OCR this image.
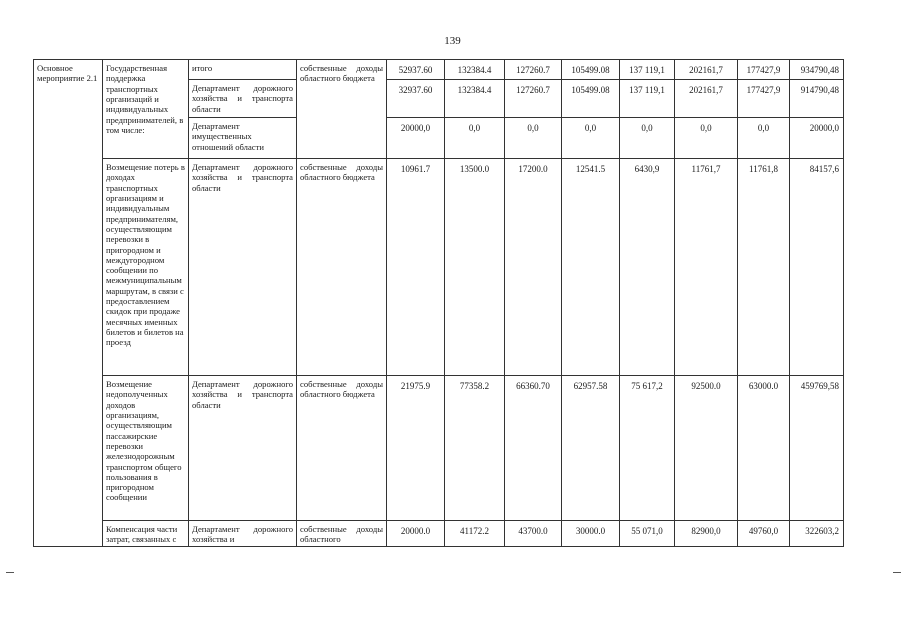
139
Основное мероприятие 2.1	Государственная поддержка транспортных организаций и индивидуальных предпринимателей, в том числе:	итого	собственные доходы областного бюджета	52937.60	132384.4	127260.7	105499.08	137 119,1	202161,7	177427,9	934790,48
		Департамент дорожного хозяйства и транспорта области		32937.60	132384.4	127260.7	105499.08	137 119,1	202161,7	177427,9	914790,48
		Департамент имущественных отношений области		20000,0	0,0	0,0	0,0	0,0	0,0	0,0	20000,0
	Возмещение потерь в доходах транспортных организациям и индивидуальным предпринимателям, осуществляющим перевозки в пригородном и междугородном сообщении по межмуниципальным маршрутам, в связи с предоставлением скидок при продаже месячных именных билетов и билетов на проезд	Департамент дорожного хозяйства и транспорта области	собственные доходы областного бюджета	10961.7	13500.0	17200.0	12541.5	6430,9	11761,7	11761,8	84157,6
	Возмещение недополученных доходов организациям, осуществляющим пассажирские перевозки железнодорожным транспортом общего пользования в пригородном сообщении	Департамент дорожного хозяйства и транспорта области	собственные доходы областного бюджета	21975.9	77358.2	66360.70	62957.58	75 617,2	92500.0	63000.0	459769,58
	Компенсация части затрат, связанных с	Департамент дорожного хозяйства и	собственные доходы областного	20000.0	41172.2	43700.0	30000.0	55 071,0	82900,0	49760,0	322603,2
